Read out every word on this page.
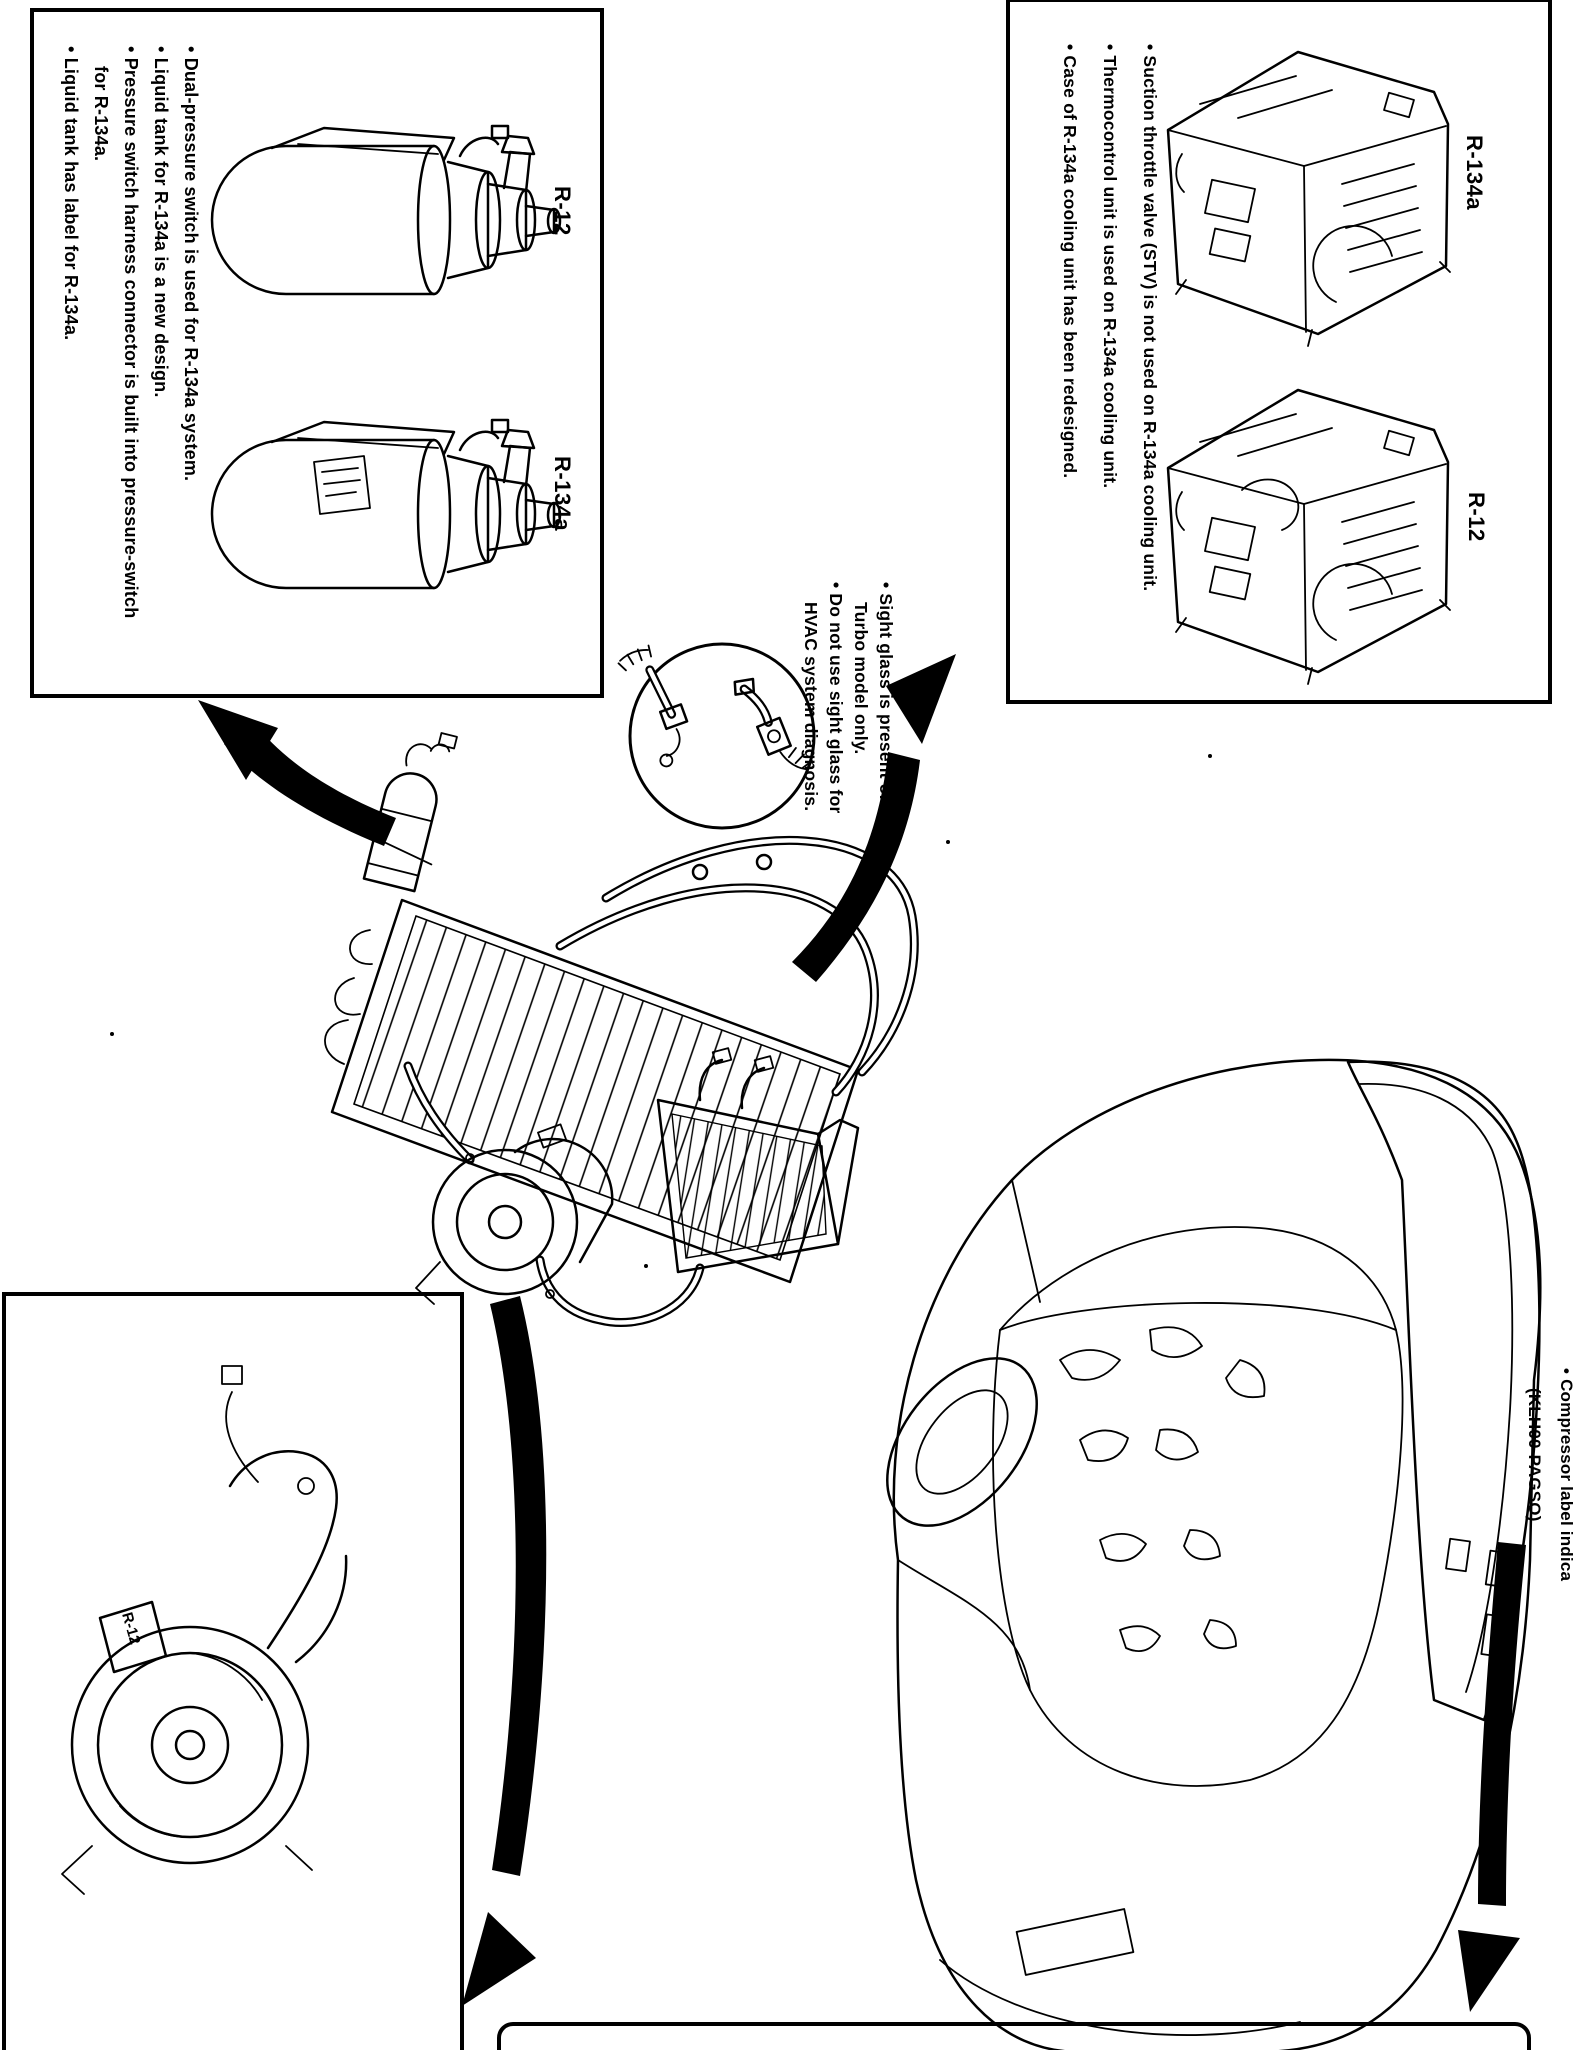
R-12

• Dual-pressure switch is used for R-134a system.

• Liquid tank for R-134a is a new design.

• Pressure switch harness connector is built into pressure-switch for R-134a.

• Liquid tank has label for R-134a.	• Suction throttle valve (STV) is not used on R-134a cooling unit.

• Thermocontrol unit is used on R-134a cooling unit.

• Case of R-134a cooling unit has been redesigned.

• Sight glass is present on Twin-Turbo model only.

• Do not use sight glass for HVAC system diagnosis.

• Compressor label indica

(KLH00-PAGSO)

R-12
R-134a
R-134a
R-12
